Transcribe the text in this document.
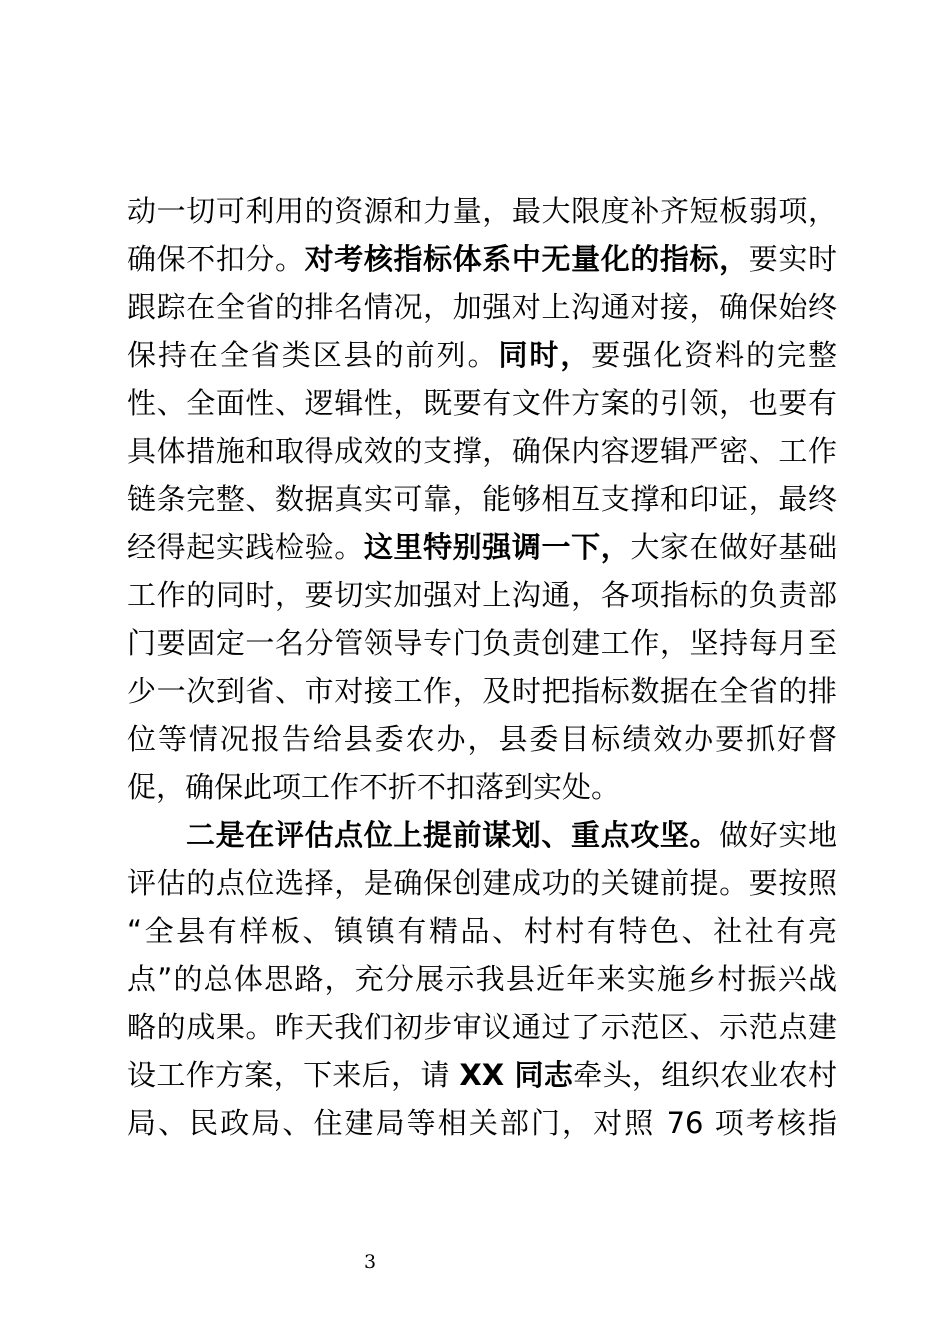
动一切可利用的资源和力量，最大限度补齐短板弱项，
确保不扣分。对考核指标体系中无量化的指标，要实时
跟踪在全省的排名情况，加强对上沟通对接，确保始终
保持在全省类区县的前列。同时，要强化资料的完整
性、全面性、逻辑性，既要有文件方案的引领，也要有
具体措施和取得成效的支撑，确保内容逻辑严密、工作
链条完整、数据真实可靠，能够相互支撑和印证，最终
经得起实践检验。这里特别强调一下，大家在做好基础
工作的同时，要切实加强对上沟通，各项指标的负责部
门要固定一名分管领导专门负责创建工作，坚持每月至
少一次到省、市对接工作，及时把指标数据在全省的排
位等情况报告给县委农办，县委目标绩效办要抓好督
促，确保此项工作不折不扣落到实处。
二是在评估点位上提前谋划、重点攻坚。做好实地
评估的点位选择，是确保创建成功的关键前提。要按照
“全县有样板、镇镇有精品、村村有特色、社社有亮
点”的总体思路，充分展示我县近年来实施乡村振兴战
略的成果。昨天我们初步审议通过了示范区、示范点建
设工作方案，下来后，请 XX 同志牵头，组织农业农村
局、民政局、住建局等相关部门，对照 76 项考核指
3
